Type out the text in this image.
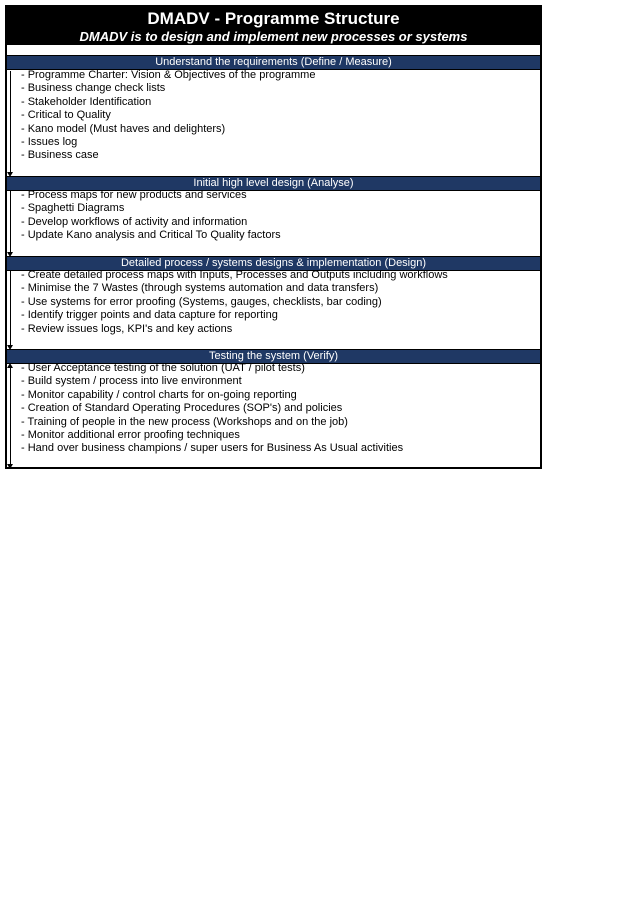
DMADV - Programme Structure
DMADV is to design and implement new processes or systems
Understand the requirements (Define / Measure)
- Programme Charter: Vision & Objectives of the programme
- Business change check lists
- Stakeholder Identification
- Critical to Quality
- Kano model (Must haves and delighters)
- Issues log
- Business case
Initial high level design (Analyse)
- Process maps for new products and services
- Spaghetti Diagrams
- Develop workflows of activity and information
- Update Kano analysis and Critical To Quality factors
Detailed process / systems designs & implementation (Design)
- Create detailed process maps with Inputs, Processes and Outputs including workflows
- Minimise the 7 Wastes (through systems automation and data transfers)
- Use systems for error proofing (Systems, gauges, checklists, bar coding)
- Identify trigger points and data capture for reporting
- Review issues logs, KPI's and key actions
Testing the system (Verify)
- User Acceptance testing of the solution (UAT / pilot tests)
- Build system / process into live environment
- Monitor capability / control charts for on-going reporting
- Creation of Standard Operating Procedures (SOP's) and policies
- Training of people in the new process (Workshops and on the job)
- Monitor additional error proofing techniques
- Hand over business champions / super users for Business As Usual activities
